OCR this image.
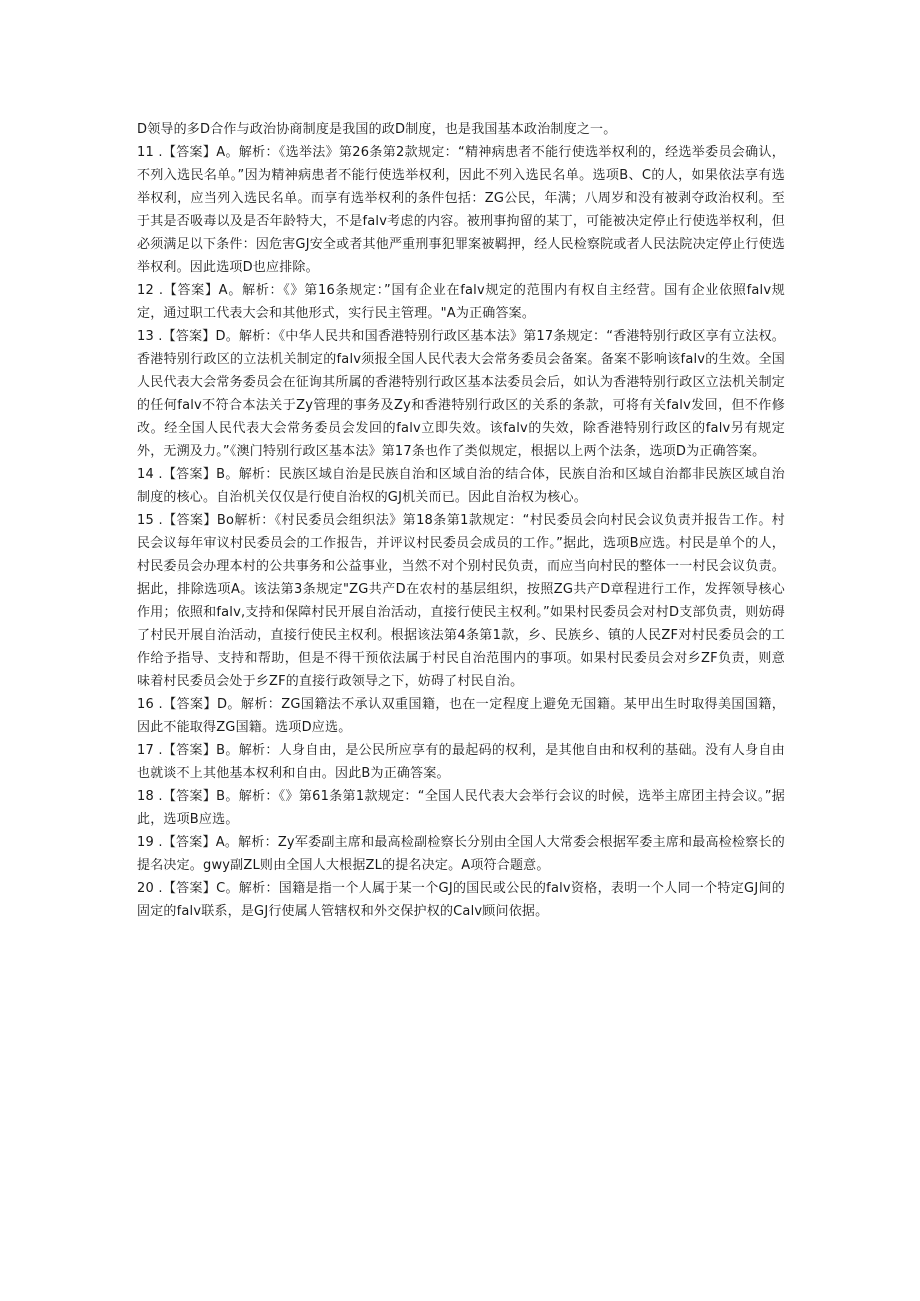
D领导的多D合作与政治协商制度是我国的政D制度，也是我国基本政治制度之一。

11 .【答案】A。解析：《选举法》第26条第2款规定：“精神病患者不能行使选举权利的，经选举委员会确认，不列入选民名单。”因为精神病患者不能行使选举权利，因此不列入选民名单。选项B、C的人，如果依法享有选举权利，应当列入选民名单。而享有选举权利的条件包括：ZG公民，年满；八周岁和没有被剥夺政治权利。至于其是否吸毒以及是否年龄特大，不是falv考虑的内容。被刑事拘留的某丁，可能被决定停止行使选举权利，但必须满足以下条件：因危害GJ安全或者其他严重刑事犯罪案被羁押，经人民检察院或者人民法院决定停止行使选举权利。因此选项D也应排除。

12 .【答案】A。解析：《》第16条规定：”国有企业在falv规定的范围内有权自主经营。国有企业依照falv规定，通过职工代表大会和其他形式，实行民主管理。"A为正确答案。

13 .【答案】D。解析：《中华人民共和国香港特别行政区基本法》第17条规定：“香港特别行政区享有立法权。香港特别行政区的立法机关制定的falv须报全国人民代表大会常务委员会备案。备案不影响该falv的生效。全国人民代表大会常务委员会在征询其所属的香港特别行政区基本法委员会后，如认为香港特别行政区立法机关制定的任何falv不符合本法关于Zy管理的事务及Zy和香港特别行政区的关系的条款，可将有关falv发回，但不作修改。经全国人民代表大会常务委员会发回的falv立即失效。该falv的失效，除香港特别行政区的falv另有规定外，无溯及力。”《澳门特别行政区基本法》第17条也作了类似规定，根据以上两个法条，选项D为正确答案。

14 .【答案】B。解析：民族区域自治是民族自治和区域自治的结合体，民族自治和区域自治都非民族区域自治制度的核心。自治机关仅仅是行使自治权的GJ机关而已。因此自治权为核心。

15 .【答案】Bo解析：《村民委员会组织法》第18条第1款规定：“村民委员会向村民会议负责并报告工作。村民会议每年审议村民委员会的工作报告，并评议村民委员会成员的工作。”据此，选项B应选。村民是单个的人，村民委员会办理本村的公共事务和公益事业，当然不对个别村民负责，而应当向村民的整体一一村民会议负责。据此，排除选项A。该法第3条规定"ZG共产D在农村的基层组织，按照ZG共产D章程进行工作，发挥领导核心作用；依照和falv,支持和保障村民开展自治活动，直接行使民主权利。”如果村民委员会对村D支部负责，则妨碍了村民开展自治活动，直接行使民主权利。根据该法第4条第1款，乡、民族乡、镇的人民ZF对村民委员会的工作给予指导、支持和帮助，但是不得干预依法属于村民自治范围内的事项。如果村民委员会对乡ZF负责，则意味着村民委员会处于乡ZF的直接行政领导之下，妨碍了村民自治。

16 .【答案】D。解析：ZG国籍法不承认双重国籍，也在一定程度上避免无国籍。某甲出生时取得美国国籍，因此不能取得ZG国籍。选项D应选。

17 .【答案】B。解析：人身自由，是公民所应享有的最起码的权利，是其他自由和权利的基础。没有人身自由也就谈不上其他基本权利和自由。因此B为正确答案。

18 .【答案】B。解析：《》第61条第1款规定：“全国人民代表大会举行会议的时候，选举主席团主持会议。”据此，选项B应选。

19 .【答案】A。解析：Zy军委副主席和最高检副检察长分别由全国人大常委会根据军委主席和最高检检察长的提名决定。gwy副ZL则由全国人大根据ZL的提名决定。A项符合题意。

20 .【答案】C。解析：国籍是指一个人属于某一个GJ的国民或公民的falv资格，表明一个人同一个特定GJ间的固定的falv联系，是GJ行使属人管辖权和外交保护权的Calv顾问依据。
